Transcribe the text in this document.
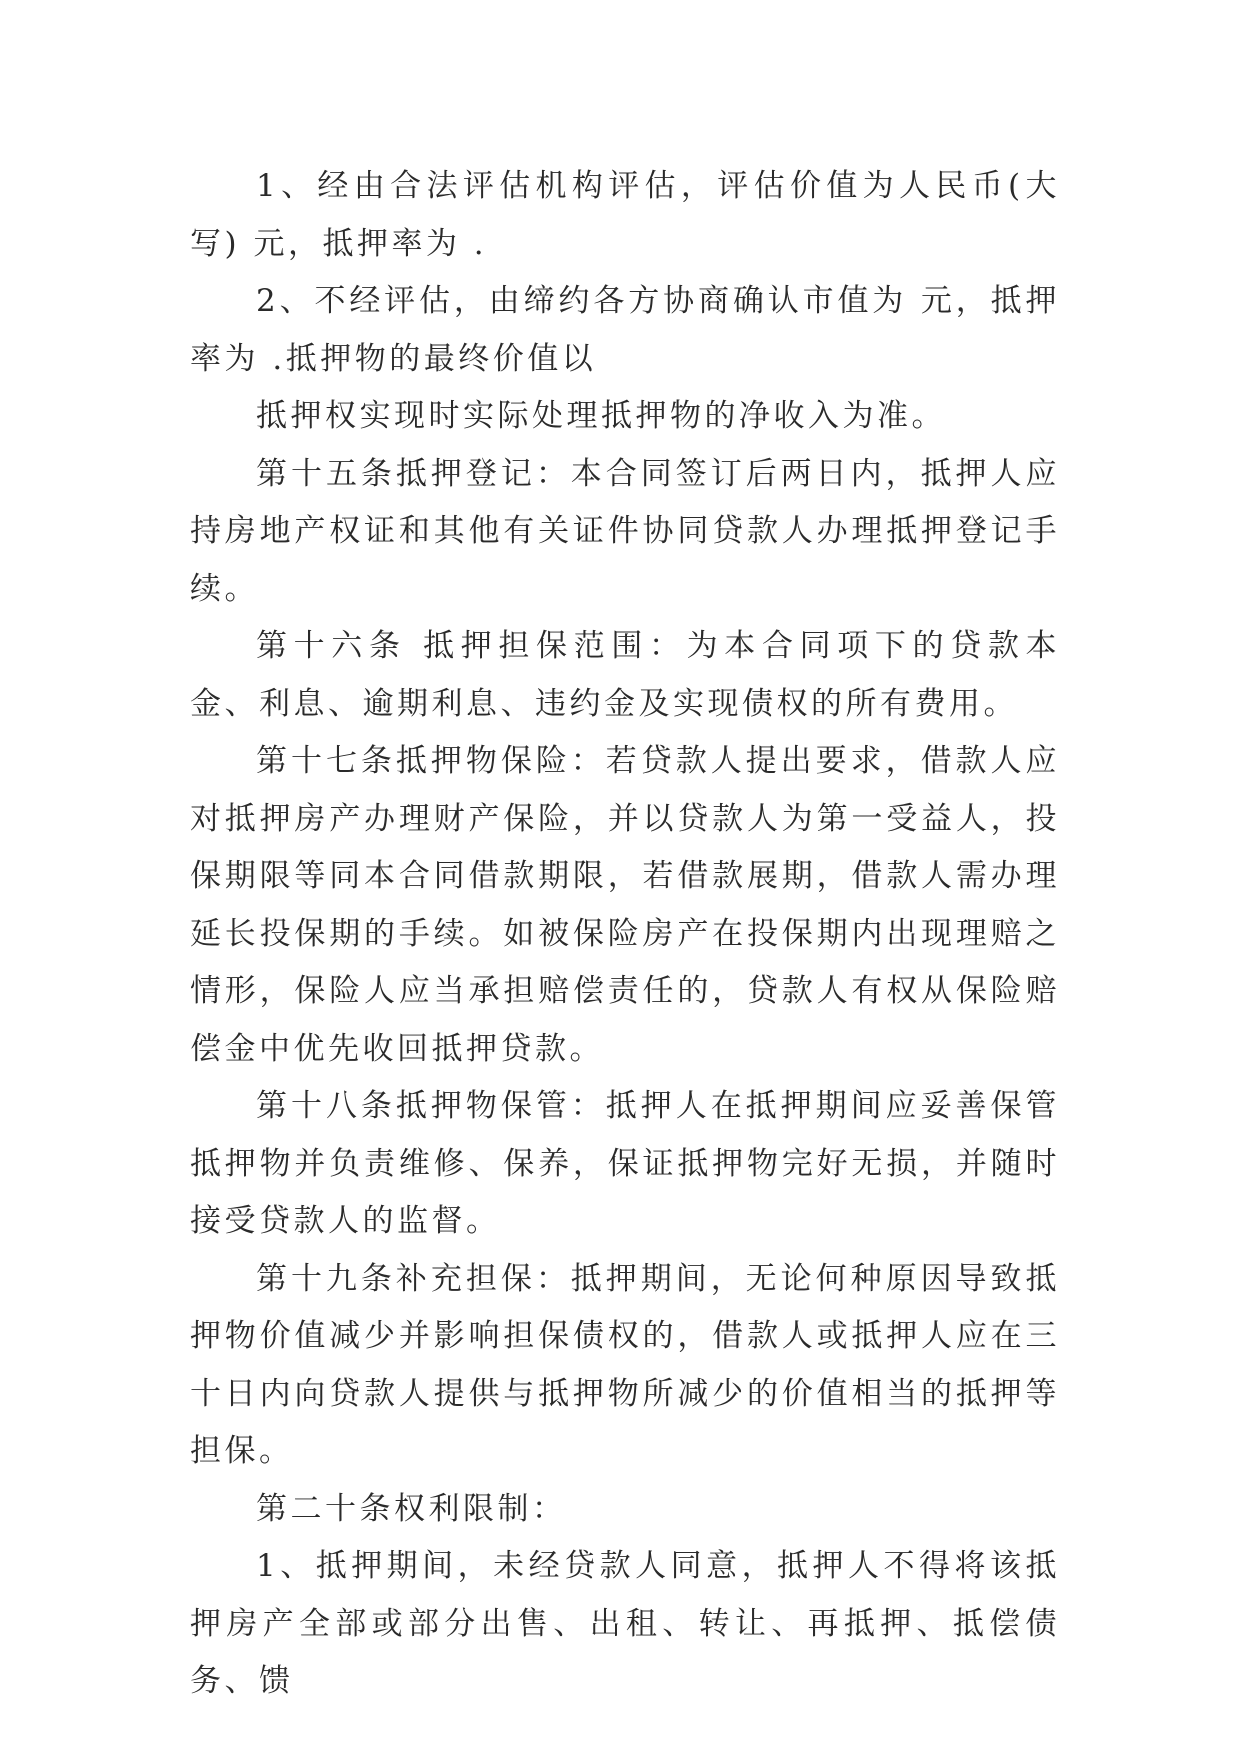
1、经由合法评估机构评估，评估价值为人民币(大写) 元，抵押率为 .

2、不经评估，由缔约各方协商确认市值为 元，抵押率为 .抵押物的最终价值以

抵押权实现时实际处理抵押物的净收入为准。

第十五条抵押登记：本合同签订后两日内，抵押人应持房地产权证和其他有关证件协同贷款人办理抵押登记手续。

第十六条 抵押担保范围：为本合同项下的贷款本金、利息、逾期利息、违约金及实现债权的所有费用。

第十七条抵押物保险：若贷款人提出要求，借款人应对抵押房产办理财产保险，并以贷款人为第一受益人，投保期限等同本合同借款期限，若借款展期，借款人需办理延长投保期的手续。如被保险房产在投保期内出现理赔之情形，保险人应当承担赔偿责任的，贷款人有权从保险赔偿金中优先收回抵押贷款。

第十八条抵押物保管：抵押人在抵押期间应妥善保管抵押物并负责维修、保养，保证抵押物完好无损，并随时接受贷款人的监督。

第十九条补充担保：抵押期间，无论何种原因导致抵押物价值减少并影响担保债权的，借款人或抵押人应在三十日内向贷款人提供与抵押物所减少的价值相当的抵押等担保。

第二十条权利限制：

1、抵押期间，未经贷款人同意，抵押人不得将该抵押房产全部或部分出售、出租、转让、再抵押、抵偿债务、馈
